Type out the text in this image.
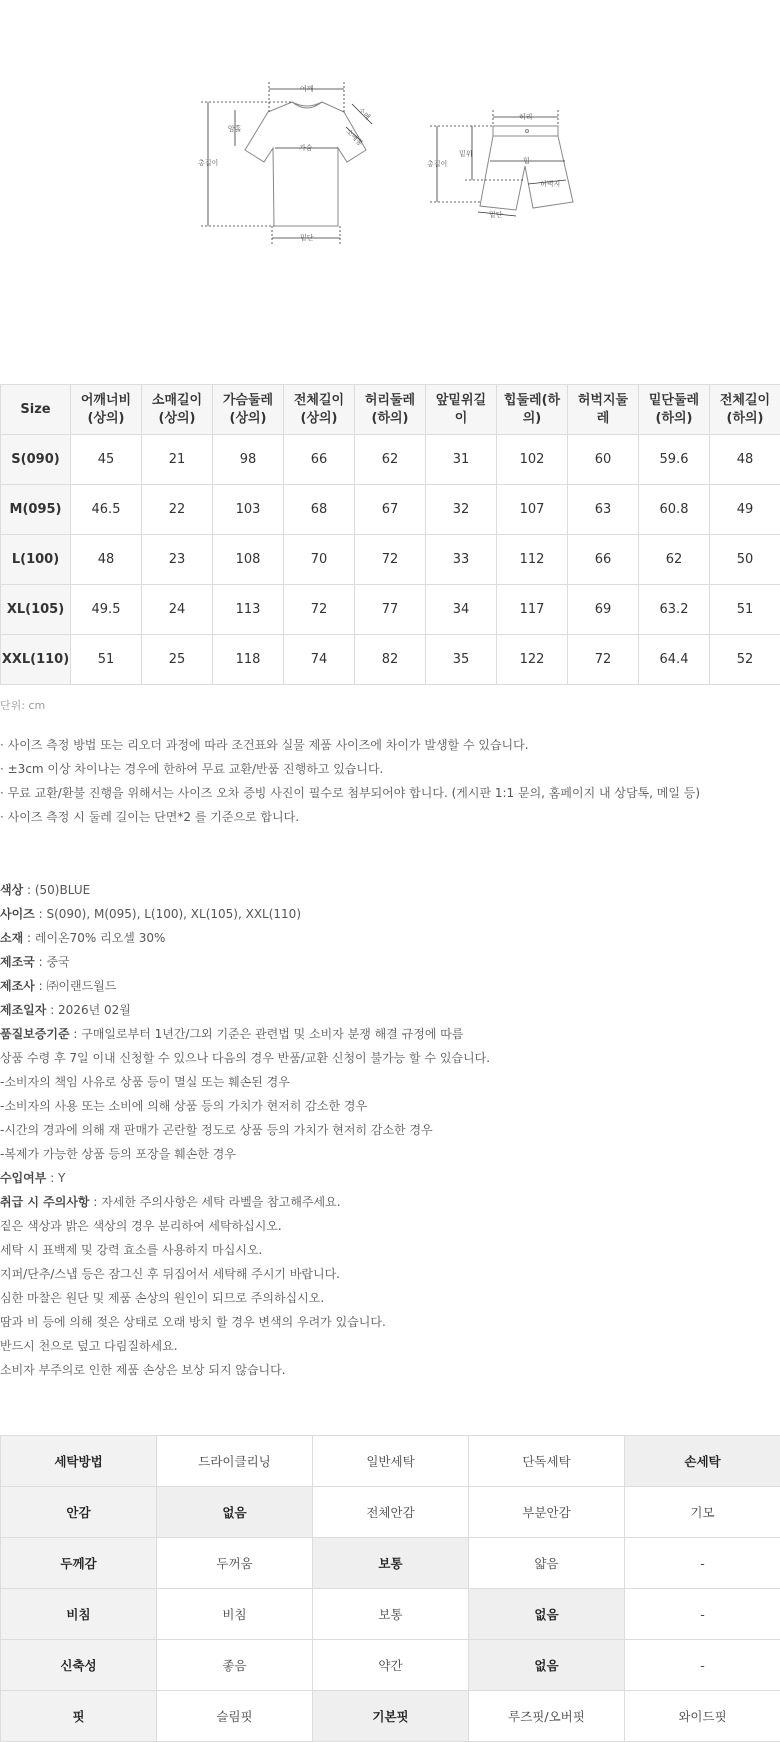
어깨
암홀
가슴
총길이
밑단
소매
소매통
허리
밑위
힙
허벅지
총길이
밑단
Size	어깨너비(상의)	소매길이(상의)	가슴둘레(상의)	전체길이(상의)	허리둘레(하의)	앞밑위길이	힙둘레(하의)	허벅지둘레	밑단둘레(하의)	전체길이(하의)
S(090)	45	21	98	66	62	31	102	60	59.6	48
M(095)	46.5	22	103	68	67	32	107	63	60.8	49
L(100)	48	23	108	70	72	33	112	66	62	50
XL(105)	49.5	24	113	72	77	34	117	69	63.2	51
XXL(110)	51	25	118	74	82	35	122	72	64.4	52
단위: cm
· 사이즈 측정 방법 또는 리오더 과정에 따라 조건표와 실물 제품 사이즈에 차이가 발생할 수 있습니다.
· ±3cm 이상 차이나는 경우에 한하여 무료 교환/반품 진행하고 있습니다.
· 무료 교환/환불 진행을 위해서는 사이즈 오차 증빙 사진이 필수로 첨부되어야 합니다. (게시판 1:1 문의, 홈페이지 내 상담톡, 메일 등)
· 사이즈 측정 시 둘레 길이는 단면*2 를 기준으로 합니다.
색상 : (50)BLUE
사이즈 : S(090), M(095), L(100), XL(105), XXL(110)
소재 : 레이온70% 리오셀 30%
제조국 : 중국
제조사 : ㈜이랜드월드
제조일자 : 2026년 02월
품질보증기준 : 구매일로부터 1년간/그외 기준은 관련법 및 소비자 분쟁 해결 규정에 따름
상품 수령 후 7일 이내 신청할 수 있으나 다음의 경우 반품/교환 신청이 불가능 할 수 있습니다.
-소비자의 책임 사유로 상품 등이 멸실 또는 훼손된 경우
-소비자의 사용 또는 소비에 의해 상품 등의 가치가 현저히 감소한 경우
-시간의 경과에 의해 재 판매가 곤란할 정도로 상품 등의 가치가 현저히 감소한 경우
-복제가 가능한 상품 등의 포장을 훼손한 경우
수입여부 : Y
취급 시 주의사항 : 자세한 주의사항은 세탁 라벨을 참고해주세요.
짙은 색상과 밝은 색상의 경우 분리하여 세탁하십시오.
세탁 시 표백제 및 강력 효소를 사용하지 마십시오.
지퍼/단추/스냅 등은 잠그신 후 뒤집어서 세탁해 주시기 바랍니다.
심한 마찰은 원단 및 제품 손상의 원인이 되므로 주의하십시오.
땀과 비 등에 의해 젖은 상태로 오래 방치 할 경우 변색의 우려가 있습니다.
반드시 천으로 덮고 다림질하세요.
소비자 부주의로 인한 제품 손상은 보상 되지 않습니다.
세탁방법	드라이클리닝	일반세탁	단독세탁	손세탁
안감	없음	전체안감	부분안감	기모
두께감	두꺼움	보통	얇음	-
비침	비침	보통	없음	-
신축성	좋음	약간	없음	-
핏	슬림핏	기본핏	루즈핏/오버핏	와이드핏
